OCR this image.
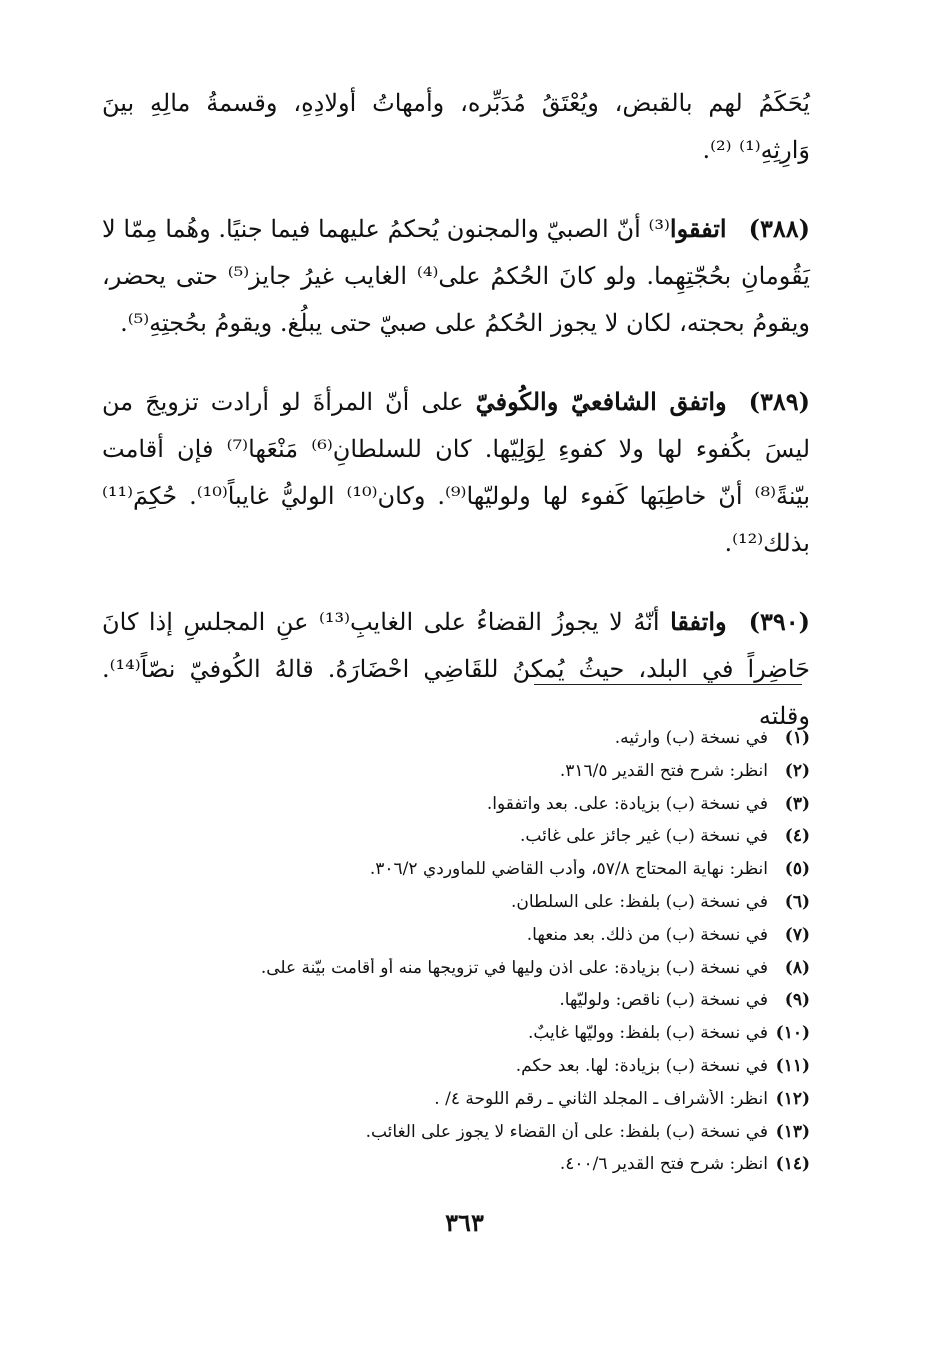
يُحَكَمُ لهم بالقبض، ويُعْتَقُ مُدَبِّره، وأمهاتُ أولادِهِ، وقسمةُ مالِهِ بينَ وَارِثِهِ⁽¹⁾ ⁽²⁾.

(٣٨٨)اتفقوا⁽³⁾ أنّ الصبيّ والمجنون يُحكمُ عليهما فيما جنيًا. وهُما مِمّا لا يَقُومانِ بحُجّتِهِما. ولو كانَ الحُكمُ على⁽⁴⁾ الغايب غيرُ جايز⁽⁵⁾ حتى يحضر، ويقومُ بحجته، لكان لا يجوز الحُكمُ على صبيّ حتى يبلُغ. ويقومُ بحُجتِهِ⁽⁵⁾.

(٣٨٩)واتفق الشافعيّ والكُوفيّ على أنّ المرأةَ لو أرادت تزويجَ من ليسَ بكُفوء لها ولا كفوءِ لِوَلِيّها. كان للسلطانِ⁽⁶⁾ مَنْعَها⁽⁷⁾ فإن أقامت بيّنةً⁽⁸⁾ أنّ خاطِبَها كَفوء لها ولوليّها⁽⁹⁾. وكان⁽¹⁰⁾ الوليُّ غايباً⁽¹⁰⁾. حُكِمَ⁽¹¹⁾ بذلك⁽¹²⁾.

(٣٩٠)واتفقا أنّهُ لا يجوزُ القضاءُ على الغايبِ⁽¹³⁾ عنِ المجلسِ إذا كانَ حَاضِراً في البلد، حيثُ يُمكنُ للقَاضِي احْضَارَهُ. قالهُ الكُوفيّ نصّاً⁽¹⁴⁾. وقلته

(١)في نسخة (ب) وارثيه.
(٢)انظر: شرح فتح القدير ٣١٦/٥.
(٣)في نسخة (ب) بزيادة: على. بعد واتفقوا.
(٤)في نسخة (ب) غير جائز على غائب.
(٥)انظر: نهاية المحتاج ٥٧/٨، وأدب القاضي للماوردي ٣٠٦/٢.
(٦)في نسخة (ب) بلفظ: على السلطان.
(٧)في نسخة (ب) من ذلك. بعد منعها.
(٨)في نسخة (ب) بزيادة: على اذن وليها في تزويجها منه أو أقامت بيّنة على.
(٩)في نسخة (ب) ناقص: ولوليّها.
(١٠)في نسخة (ب) بلفظ: ووليّها غايبٌ.
(١١)في نسخة (ب) بزيادة: لها. بعد حكم.
(١٢)انظر: الأشراف ـ المجلد الثاني ـ رقم اللوحة ٤/ .
(١٣)في نسخة (ب) بلفظ: على أن القضاء لا يجوز على الغائب.
(١٤)انظر: شرح فتح القدير ٤٠٠/٦.
٣٦٣
